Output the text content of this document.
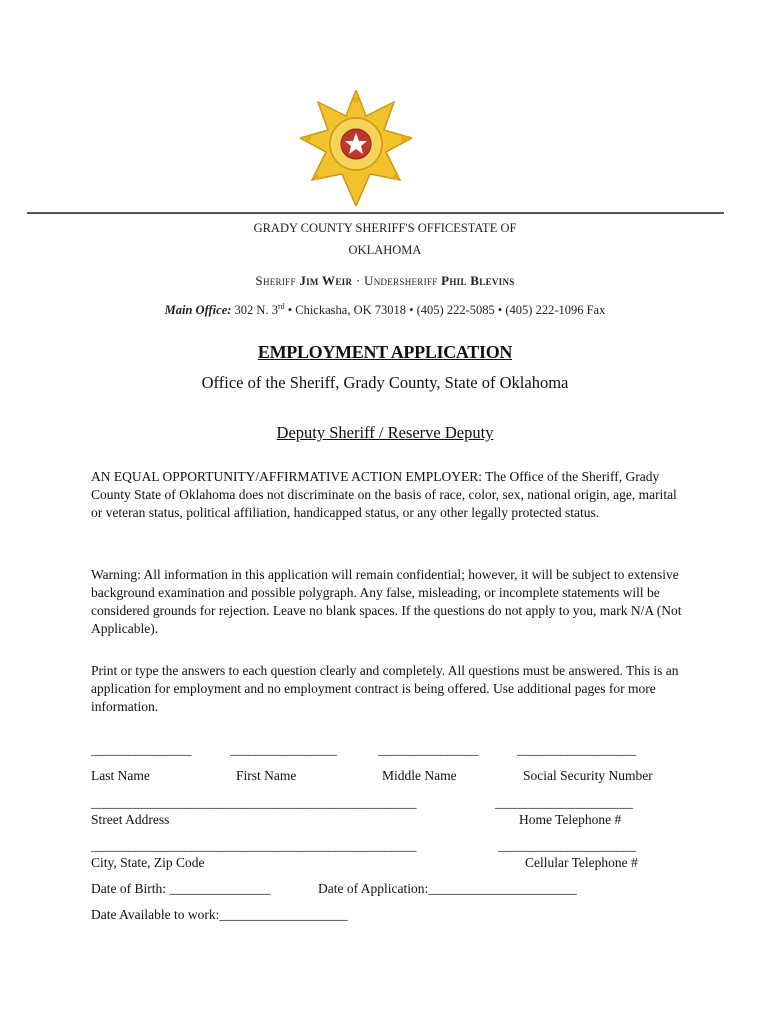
GRADY COUNTY SHERIFF'S OFFICESTATE OF
OKLAHOMA
Sheriff Jim Weir · Undersheriff Phil Blevins
Main Office: 302 N. 3rd • Chickasha, OK 73018 • (405) 222-5085 • (405) 222-1096 Fax
EMPLOYMENT APPLICATION
Office of the Sheriff, Grady County, State of Oklahoma
Deputy Sheriff / Reserve Deputy
AN EQUAL OPPORTUNITY/AFFIRMATIVE ACTION EMPLOYER: The Office of the Sheriff, Grady County State of Oklahoma does not discriminate on the basis of race, color, sex, national origin, age, marital or veteran status, political affiliation, handicapped status, or any other legally protected status.
Warning: All information in this application will remain confidential; however, it will be subject to extensive background examination and possible polygraph. Any false, misleading, or incomplete statements will be considered grounds for rejection. Leave no blank spaces. If the questions do not apply to you, mark N/A (Not Applicable).
Print or type the answers to each question clearly and completely. All questions must be answered. This is an application for employment and no employment contract is being offered. Use additional pages for more information.
________________	_________________	________________	___________________
Last Name	First Name	Middle Name	Social Security Number
____________________________________________________	______________________
Street Address	Home Telephone #
____________________________________________________	______________________
City, State, Zip Code	Cellular Telephone #
Date of Birth: _______________	Date of Application:______________________
Date Available to work:___________________
